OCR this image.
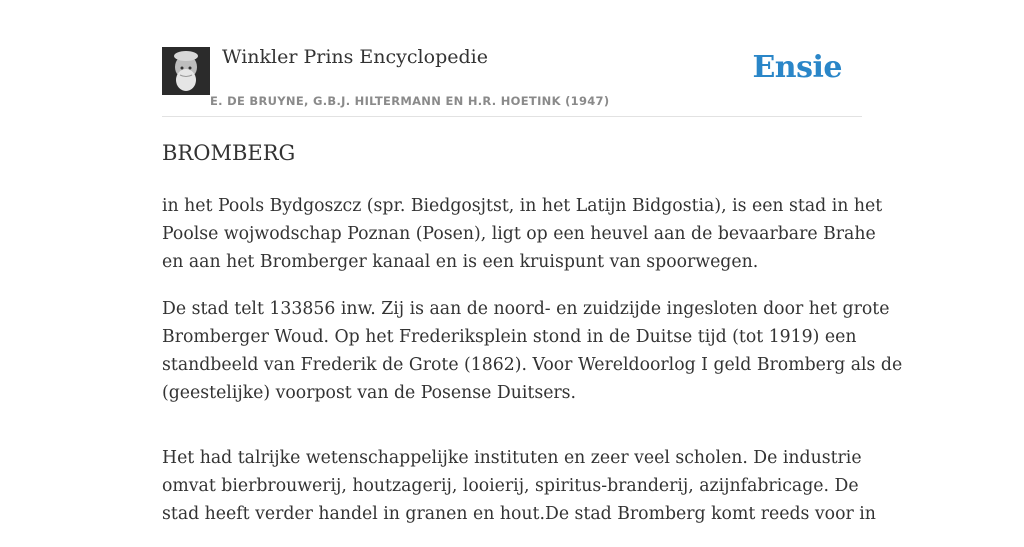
Winkler Prins Encyclopedie
E. DE BRUYNE, G.B.J. HILTERMANN EN H.R. HOETINK (1947)
Ensie
BROMBERG

in het Pools Bydgoszcz (spr. Biedgosjtst, in het Latijn Bidgostia), is een stad in het
Poolse wojwodschap Poznan (Posen), ligt op een heuvel aan de bevaarbare Brahe
en aan het Bromberger kanaal en is een kruispunt van spoorwegen.

De stad telt 133856 inw. Zij is aan de noord- en zuidzijde ingesloten door het grote
Bromberger Woud. Op het Frederiksplein stond in de Duitse tijd (tot 1919) een
standbeeld van Frederik de Grote (1862). Voor Wereldoorlog I geld Bromberg als de
(geestelijke) voorpost van de Posense Duitsers.

Het had talrijke wetenschappelijke instituten en zeer veel scholen. De industrie
omvat bierbrouwerij, houtzagerij, looierij, spiritus-branderij, azijnfabricage. De
stad heeft verder handel in granen en hout.De stad Bromberg komt reeds voor in
